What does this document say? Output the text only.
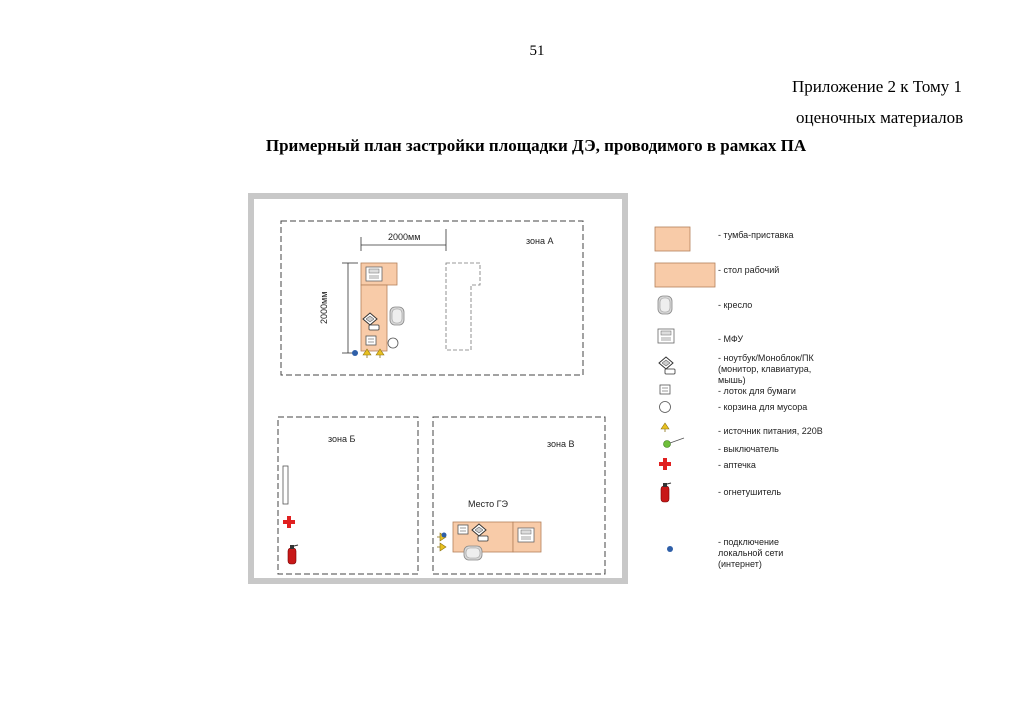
51
Приложение 2 к Тому 1
оценочных материалов
Примерный план застройки площадки ДЭ, проводимого в рамках ПА
зона А
2000мм
2000мм
зона Б	зона В
Место ГЭ
- тумба-приставка
- стол рабочий
- кресло
- МФУ
- ноутбук/Моноблок/ПК
(монитор, клавиатура,
мышь)
- лоток для бумаги
- корзина для мусора
- источник питания, 220В
- выключатель
- аптечка
- огнетушитель
- подключение
локальной сети
(интернет)
